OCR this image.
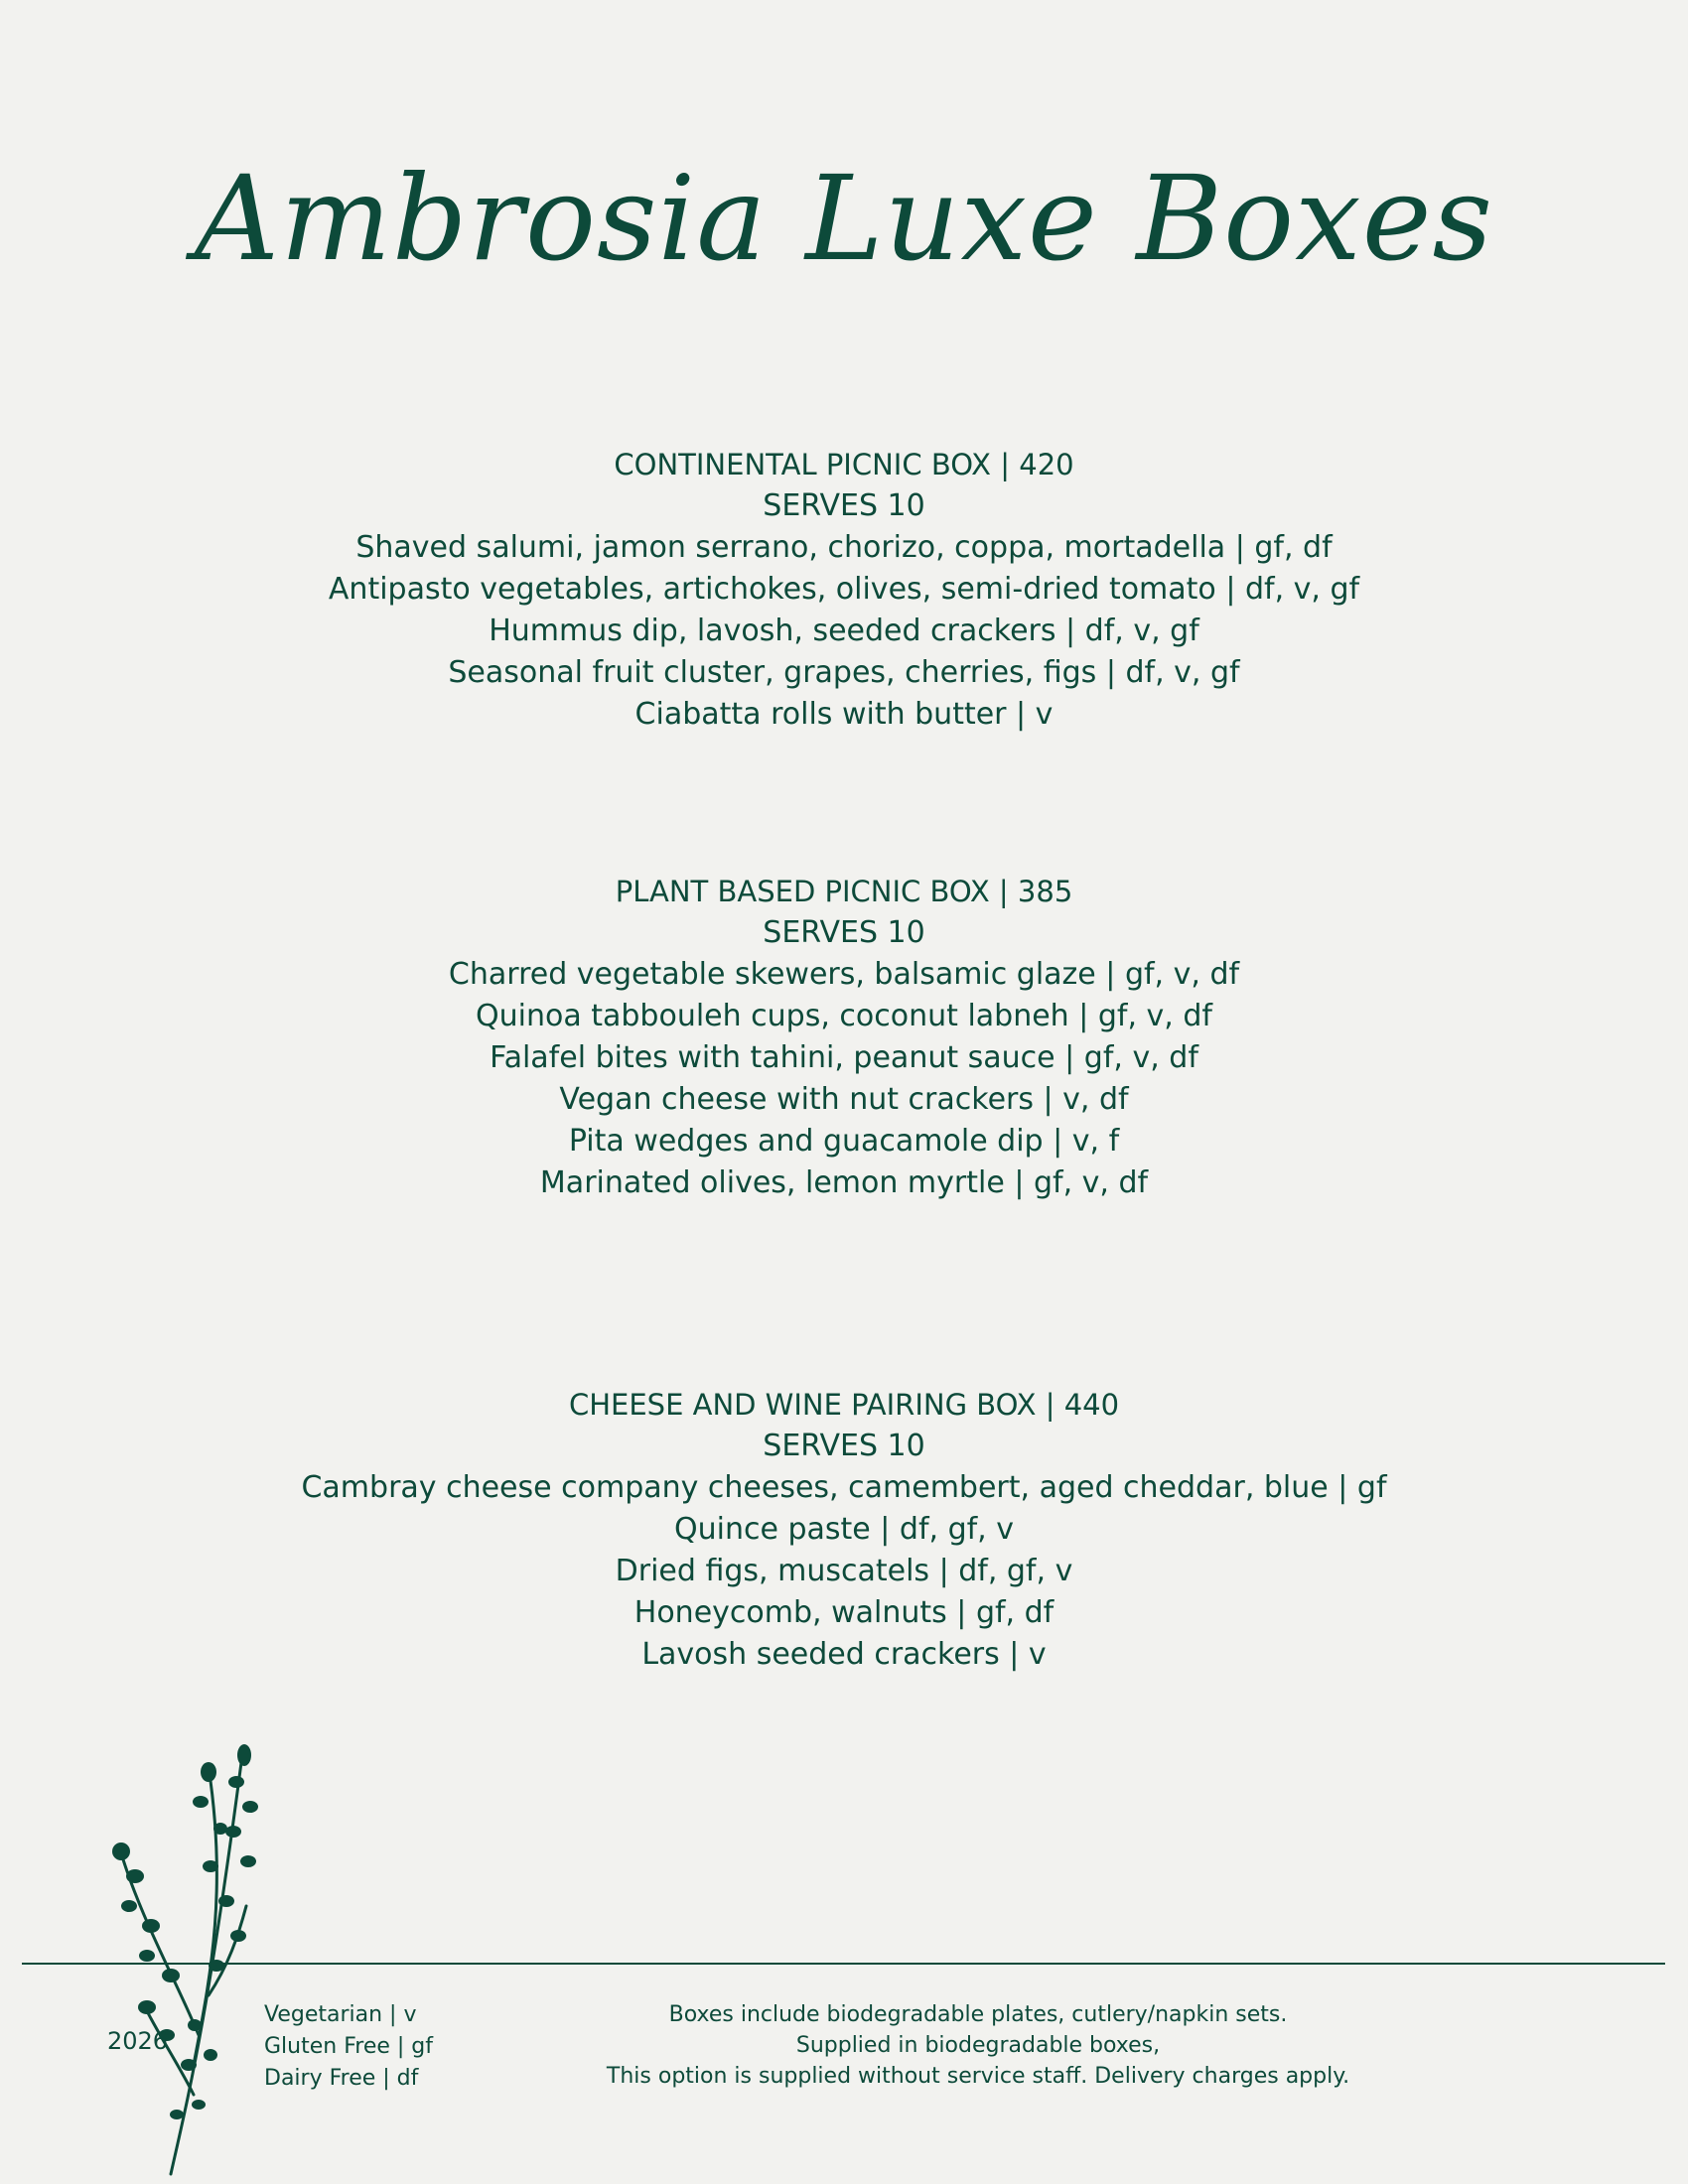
Ambrosia Luxe Boxes
CONTINENTAL PICNIC BOX | 420
SERVES 10
Shaved salumi, jamon serrano, chorizo, coppa, mortadella | gf, df
Antipasto vegetables, artichokes, olives, semi-dried tomato | df, v, gf
Hummus dip, lavosh, seeded crackers | df, v, gf
Seasonal fruit cluster, grapes, cherries, figs | df, v, gf
Ciabatta rolls with butter | v
PLANT BASED PICNIC BOX | 385
SERVES 10
Charred vegetable skewers, balsamic glaze | gf, v, df
Quinoa tabbouleh cups, coconut labneh | gf, v, df
Falafel bites with tahini, peanut sauce | gf, v, df
Vegan cheese with nut crackers | v, df
Pita wedges and guacamole dip | v, f
Marinated olives, lemon myrtle | gf, v, df
CHEESE AND WINE PAIRING BOX | 440
SERVES 10
Cambray cheese company cheeses, camembert, aged cheddar, blue | gf
Quince paste | df, gf, v
Dried figs, muscatels | df, gf, v
Honeycomb, walnuts | gf, df
Lavosh seeded crackers | v
2026
Vegetarian | v
Gluten Free | gf
Dairy Free | df
Boxes include biodegradable plates, cutlery/napkin sets.
Supplied in biodegradable boxes,
This option is supplied without service staff. Delivery charges apply.
